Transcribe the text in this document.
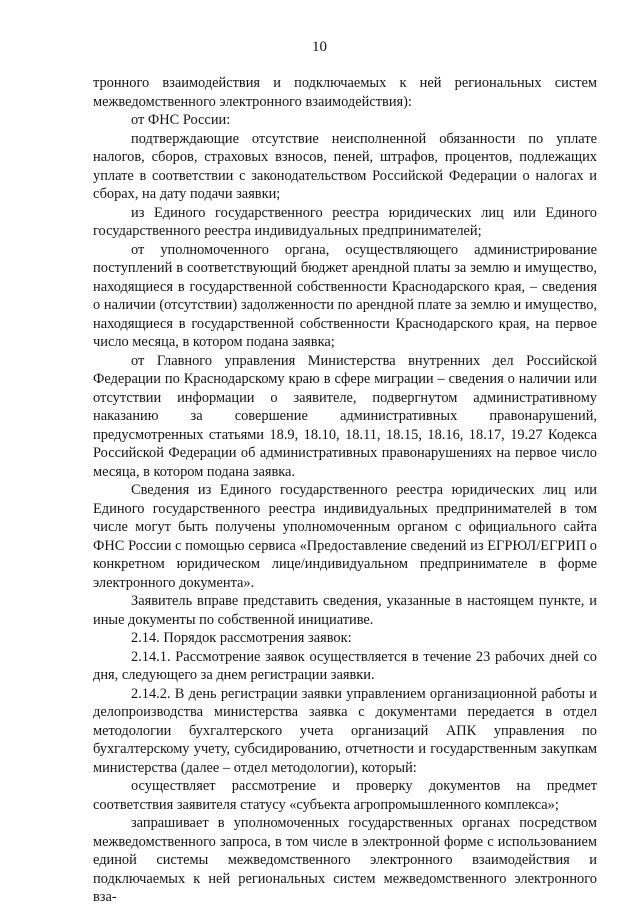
10

тронного взаимодействия и подключаемых к ней региональных систем межведомственного электронного взаимодействия):

от ФНС России:

подтверждающие отсутствие неисполненной обязанности по уплате налогов, сборов, страховых взносов, пеней, штрафов, процентов, подлежащих уплате в соответствии с законодательством Российской Федерации о налогах и сборах, на дату подачи заявки;

из Единого государственного реестра юридических лиц или Единого государственного реестра индивидуальных предпринимателей;

от уполномоченного органа, осуществляющего администрирование поступлений в соответствующий бюджет арендной платы за землю и имущество, находящиеся в государственной собственности Краснодарского края, – сведения о наличии (отсутствии) задолженности по арендной плате за землю и имущество, находящиеся в государственной собственности Краснодарского края, на первое число месяца, в котором подана заявка;

от Главного управления Министерства внутренних дел Российской Федерации по Краснодарскому краю в сфере миграции – сведения о наличии или отсутствии информации о заявителе, подвергнутом административному наказанию за совершение административных правонарушений, предусмотренных статьями 18.9, 18.10, 18.11, 18.15, 18.16, 18.17, 19.27 Кодекса Российской Федерации об административных правонарушениях на первое число месяца, в котором подана заявка.

Сведения из Единого государственного реестра юридических лиц или Единого государственного реестра индивидуальных предпринимателей в том числе могут быть получены уполномоченным органом с официального сайта ФНС России с помощью сервиса «Предоставление сведений из ЕГРЮЛ/ЕГРИП о конкретном юридическом лице/индивидуальном предпринимателе в форме электронного документа».

Заявитель вправе представить сведения, указанные в настоящем пункте, и иные документы по собственной инициативе.

2.14. Порядок рассмотрения заявок:

2.14.1. Рассмотрение заявок осуществляется в течение 23 рабочих дней со дня, следующего за днем регистрации заявки.

2.14.2. В день регистрации заявки управлением организационной работы и делопроизводства министерства заявка с документами передается в отдел методологии бухгалтерского учета организаций АПК управления по бухгалтерскому учету, субсидированию, отчетности и государственным закупкам министерства (далее – отдел методологии), который:

осуществляет рассмотрение и проверку документов на предмет соответствия заявителя статусу «субъекта агропромышленного комплекса»;

запрашивает в уполномоченных государственных органах посредством межведомственного запроса, в том числе в электронной форме с использованием единой системы межведомственного электронного взаимодействия и подключаемых к ней региональных систем межведомственного электронного вза-
